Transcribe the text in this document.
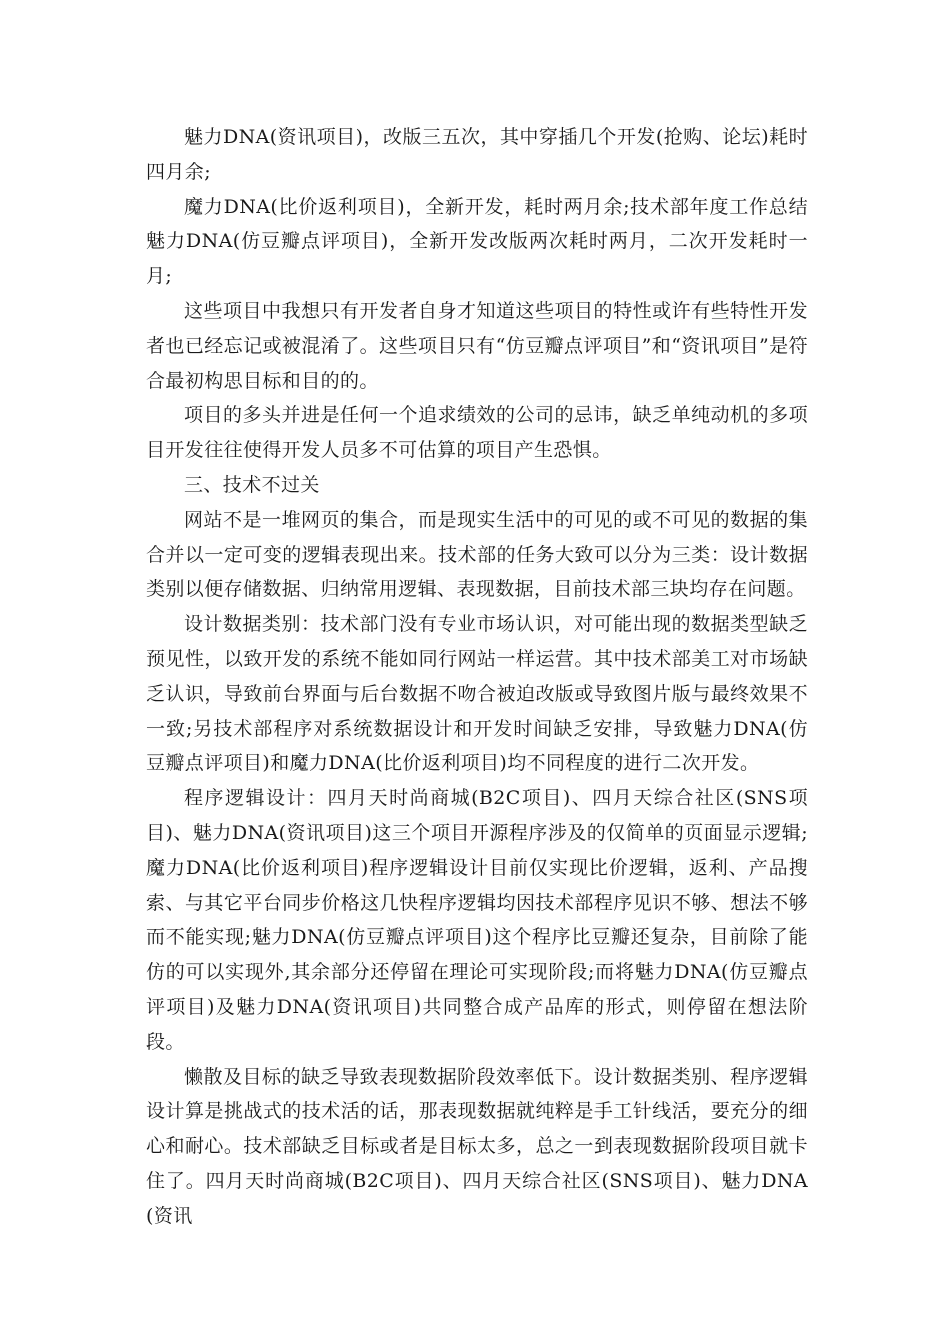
魅力DNA(资讯项目)，改版三五次，其中穿插几个开发(抢购、论坛)耗时四月余;

魔力DNA(比价返利项目)，全新开发，耗时两月余;技术部年度工作总结魅力DNA(仿豆瓣点评项目)，全新开发改版两次耗时两月，二次开发耗时一月;

这些项目中我想只有开发者自身才知道这些项目的特性或许有些特性开发者也已经忘记或被混淆了。这些项目只有“仿豆瓣点评项目”和“资讯项目”是符合最初构思目标和目的的。

项目的多头并进是任何一个追求绩效的公司的忌讳，缺乏单纯动机的多项目开发往往使得开发人员多不可估算的项目产生恐惧。

三、技术不过关

网站不是一堆网页的集合，而是现实生活中的可见的或不可见的数据的集合并以一定可变的逻辑表现出来。技术部的任务大致可以分为三类：设计数据类别以便存储数据、归纳常用逻辑、表现数据，目前技术部三块均存在问题。

设计数据类别：技术部门没有专业市场认识，对可能出现的数据类型缺乏预见性，以致开发的系统不能如同行网站一样运营。其中技术部美工对市场缺乏认识，导致前台界面与后台数据不吻合被迫改版或导致图片版与最终效果不一致;另技术部程序对系统数据设计和开发时间缺乏安排，导致魅力DNA(仿豆瓣点评项目)和魔力DNA(比价返利项目)均不同程度的进行二次开发。

程序逻辑设计：四月天时尚商城(B2C项目)、四月天综合社区(SNS项目)、魅力DNA(资讯项目)这三个项目开源程序涉及的仅简单的页面显示逻辑;魔力DNA(比价返利项目)程序逻辑设计目前仅实现比价逻辑，返利、产品搜索、与其它平台同步价格这几快程序逻辑均因技术部程序见识不够、想法不够而不能实现;魅力DNA(仿豆瓣点评项目)这个程序比豆瓣还复杂，目前除了能仿的可以实现外,其余部分还停留在理论可实现阶段;而将魅力DNA(仿豆瓣点评项目)及魅力DNA(资讯项目)共同整合成产品库的形式，则停留在想法阶段。

懒散及目标的缺乏导致表现数据阶段效率低下。设计数据类别、程序逻辑设计算是挑战式的技术活的话，那表现数据就纯粹是手工针线活，要充分的细心和耐心。技术部缺乏目标或者是目标太多，总之一到表现数据阶段项目就卡住了。四月天时尚商城(B2C项目)、四月天综合社区(SNS项目)、魅力DNA(资讯
